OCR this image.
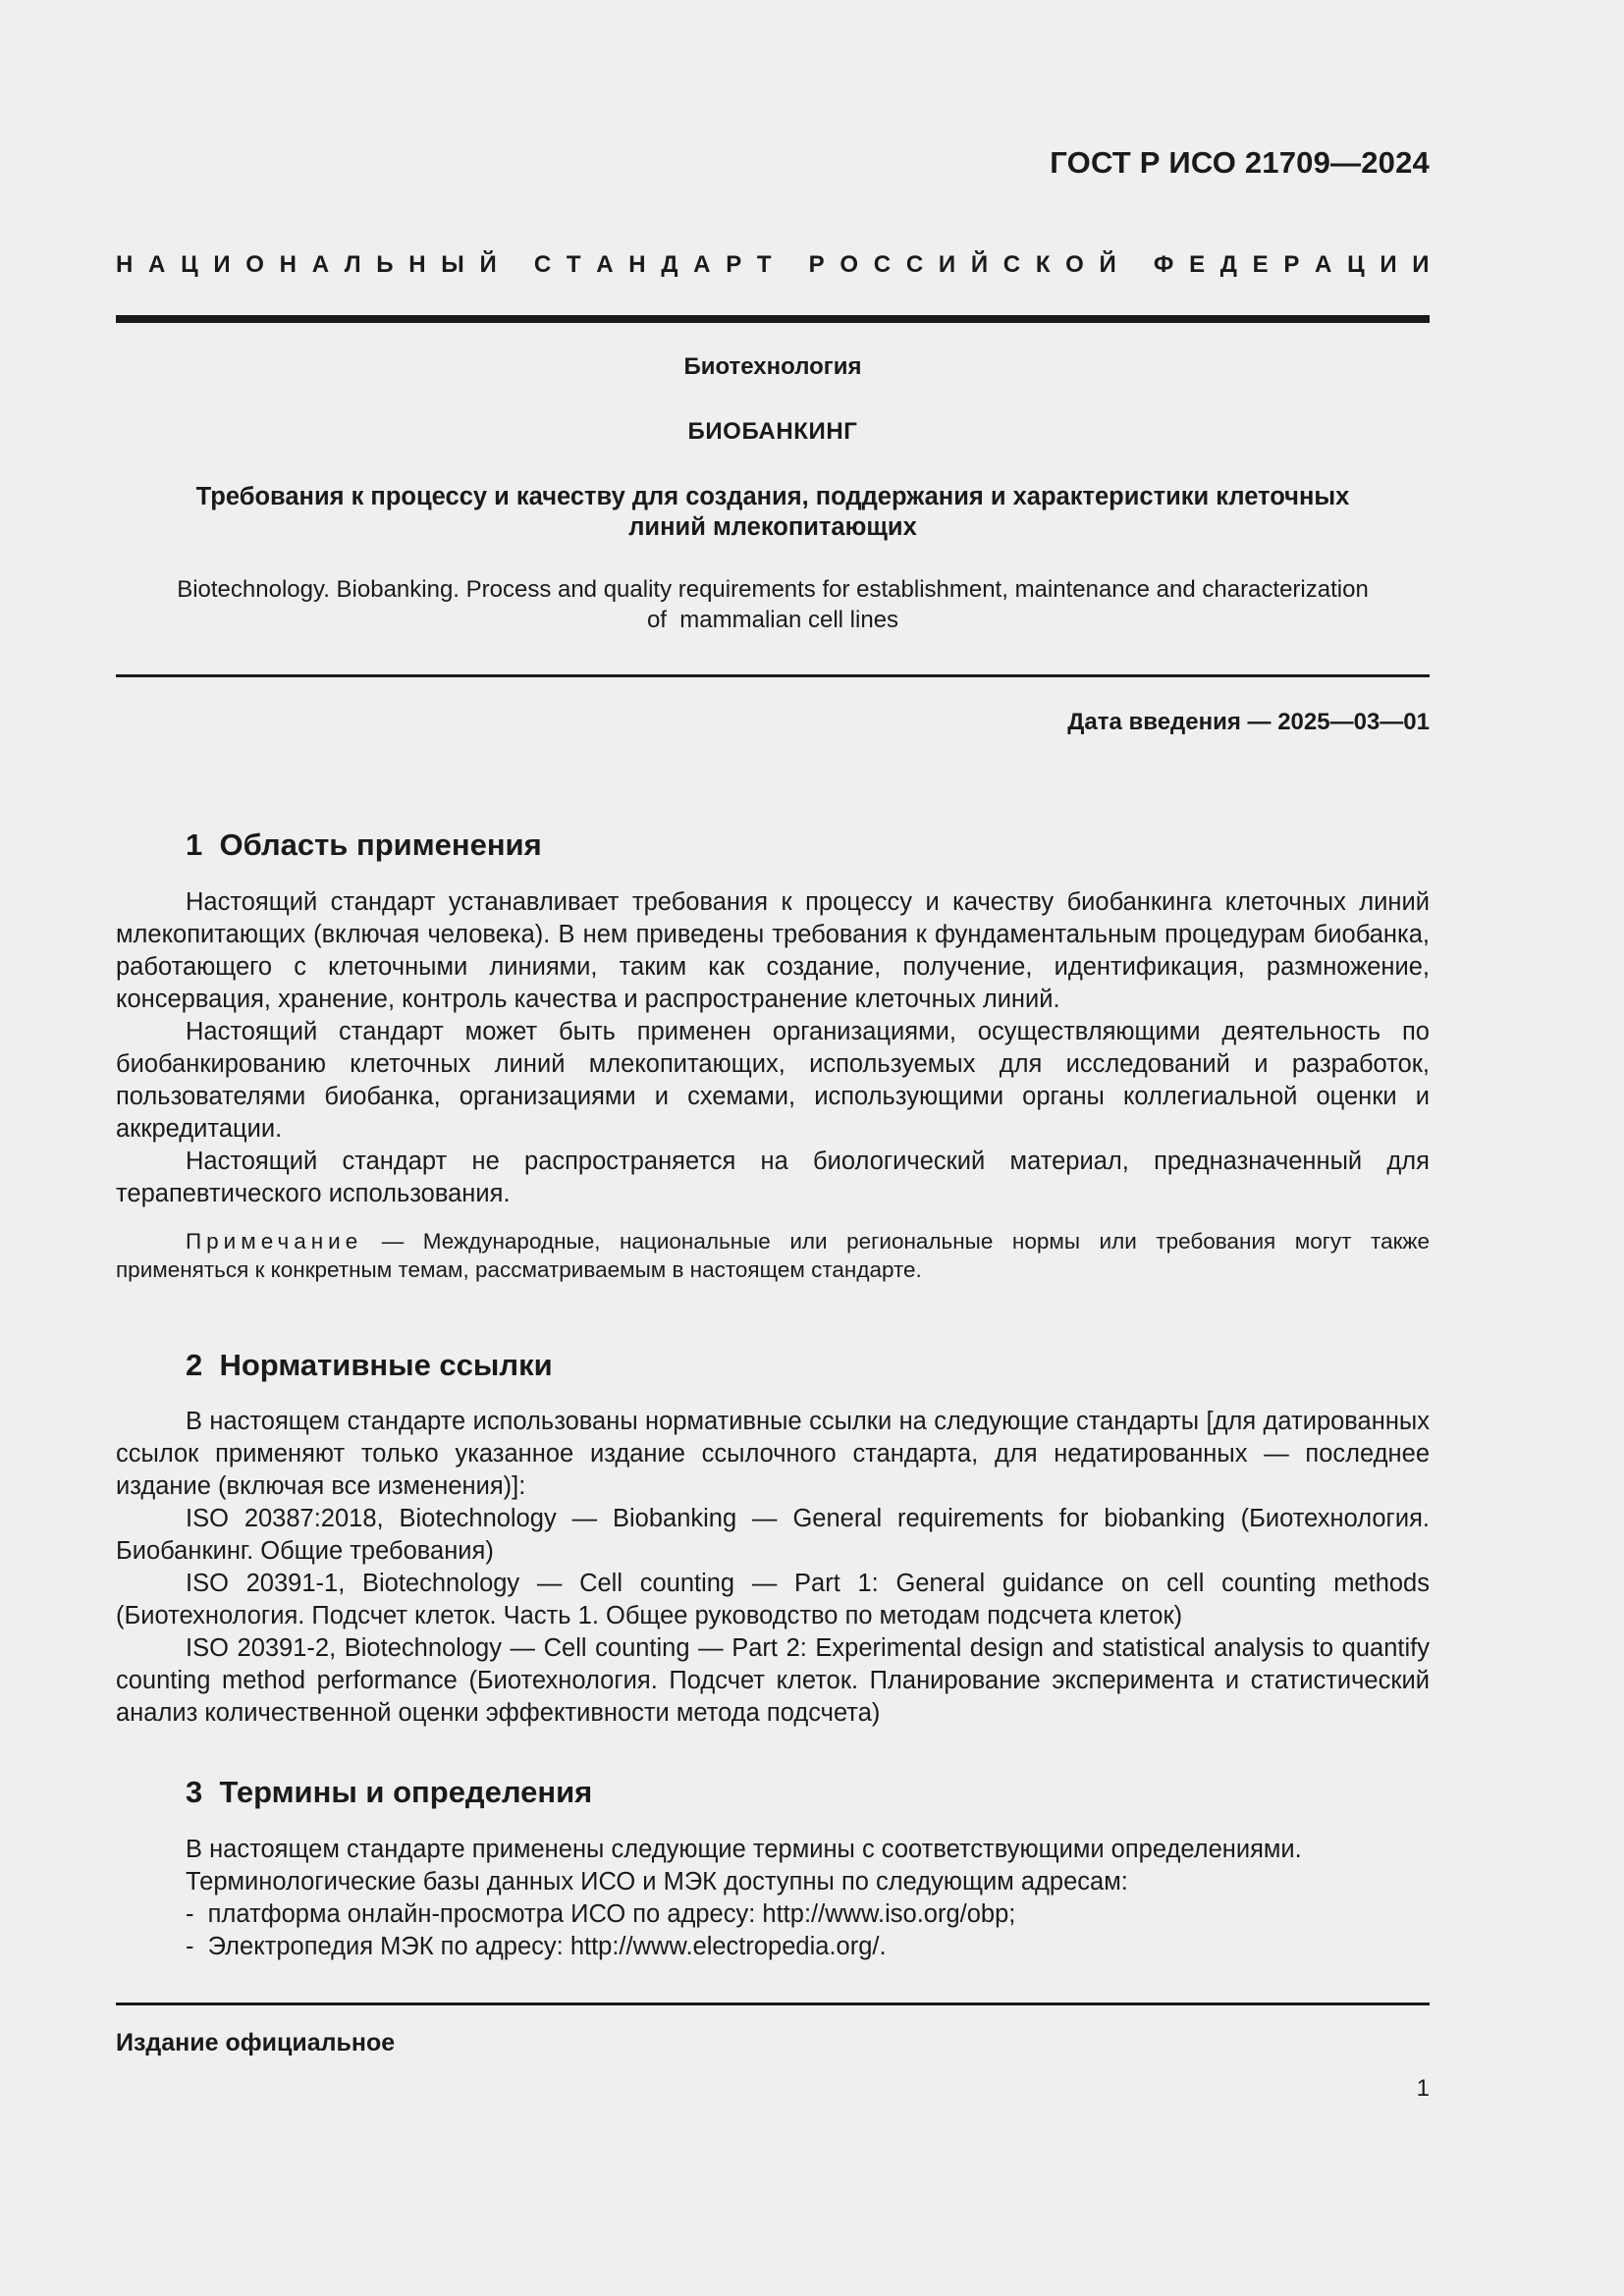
ГОСТ Р ИСО 21709—2024
Н А Ц И О Н А Л Ь Н Ы Й
С Т А Н Д А Р Т
Р О С С И Й С К О Й
Ф Е Д Е Р А Ц И И
Биотехнология
БИОБАНКИНГ
Требования к процессу и качеству для создания, поддержания и характеристики клеточных
линий млекопитающих
Biotechnology. Biobanking. Process and quality requirements for establishment, maintenance and characterization
of  mammalian cell lines
Дата введения — 2025—03—01
1  Область применения

Настоящий стандарт устанавливает требования к процессу и качеству биобанкинга клеточных линий млекопитающих (включая человека). В нем приведены требования к фундаментальным процедурам биобанка, работающего с клеточными линиями, таким как создание, получение, идентификация, размножение, консервация, хранение, контроль качества и распространение клеточных линий.

Настоящий стандарт может быть применен организациями, осуществляющими деятельность по биобанкированию клеточных линий млекопитающих, используемых для исследований и разработок, пользователями биобанка, организациями и схемами, использующими органы коллегиальной оценки и аккредитации.

Настоящий стандарт не распространяется на биологический материал, предназначенный для терапевтического использования.

Примечание — Международные, национальные или региональные нормы или требования могут также применяться к конкретным темам, рассматриваемым в настоящем стандарте.
2  Нормативные ссылки

В настоящем стандарте использованы нормативные ссылки на следующие стандарты [для датированных ссылок применяют только указанное издание ссылочного стандарта, для недатированных — последнее издание (включая все изменения)]:

ISO 20387:2018, Biotechnology — Biobanking — General requirements for biobanking (Биотехнология. Биобанкинг. Общие требования)

ISO 20391-1, Biotechnology — Cell counting — Part 1: General guidance on cell counting methods (Биотехнология. Подсчет клеток. Часть 1. Общее руководство по методам подсчета клеток)

ISO 20391-2, Biotechnology — Cell counting — Part 2: Experimental design and statistical analysis to quantify counting method performance (Биотехнология. Подсчет клеток. Планирование эксперимента и статистический анализ количественной оценки эффективности метода подсчета)

3  Термины и определения
В настоящем стандарте применены следующие термины с соответствующими определениями.
Терминологические базы данных ИСО и МЭК доступны по следующим адресам:
-  платформа онлайн-просмотра ИСО по адресу: http://www.iso.org/obp;
-  Электропедия МЭК по адресу: http://www.electropedia.org/.
Издание официальное
1
